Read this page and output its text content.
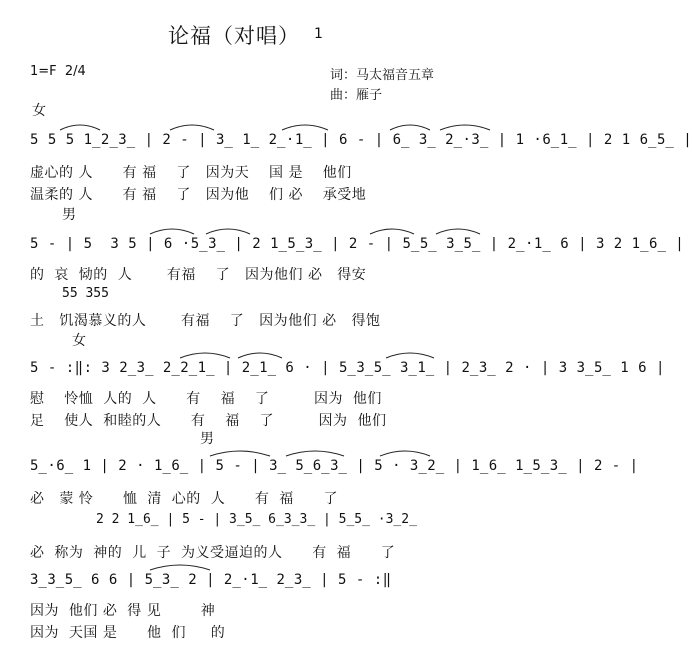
论福（对唱） 1
1=F  2/4	词：马太福音五章
曲：雁子
女
5 5 5 1̲2̲3̲ | 2 - | 3̲ 1̲ 2̲·1̲ | 6 - | 6̲ 3̲ 2̲·3̲ | 1 ·6̲1̲ | 2 1 6̲5̲ |
虚心的 人      有 福    了   因为天    国 是    他们
温柔的 人      有 福    了   因为他    们 必    承受地
男
5 - | 5  3 5 | 6 ·5̲3̲ | 2 1̲5̲3̲ | 2 - | 5̲5̲ 3̲5̲ | 2̲·1̲ 6 | 3 2 1̲6̲ |
的  哀  恸的  人       有福    了   因为他们 必   得安
55 355
土   饥渴慕义的人       有福    了   因为他们 必   得饱
女
5 - :‖: 3 2̲3̲ 2̲2̲1̲ | 2̲1̲ 6 · | 5̲3̲5̲ 3̲1̲ | 2̲3̲ 2 · | 3 3̲5̲ 1 6 |
慰    怜恤  人的  人      有    福    了         因为  他们
足    使人  和睦的人      有    福    了         因为  他们
男
5̲·6̲ 1 | 2 · 1̲6̲ | 5 - | 3̲ 5̲6̲3̲ | 5 · 3̲2̲ | 1̲6̲ 1̲5̲3̲ | 2 - |
必   蒙 怜      恤  清  心的  人      有  福      了
2 2 1̲6̲ | 5 - | 3̲5̲ 6̲3̲3̲ | 5̲5̲ ·3̲2̲
必  称为  神的  儿  子  为义受逼迫的人      有  福      了
3̲3̲5̲ 6 6 | 5̲3̲ 2 | 2̲·1̲ 2̲3̲ | 5 - :‖
因为  他们 必  得 见        神
因为  天国 是      他  们     的
